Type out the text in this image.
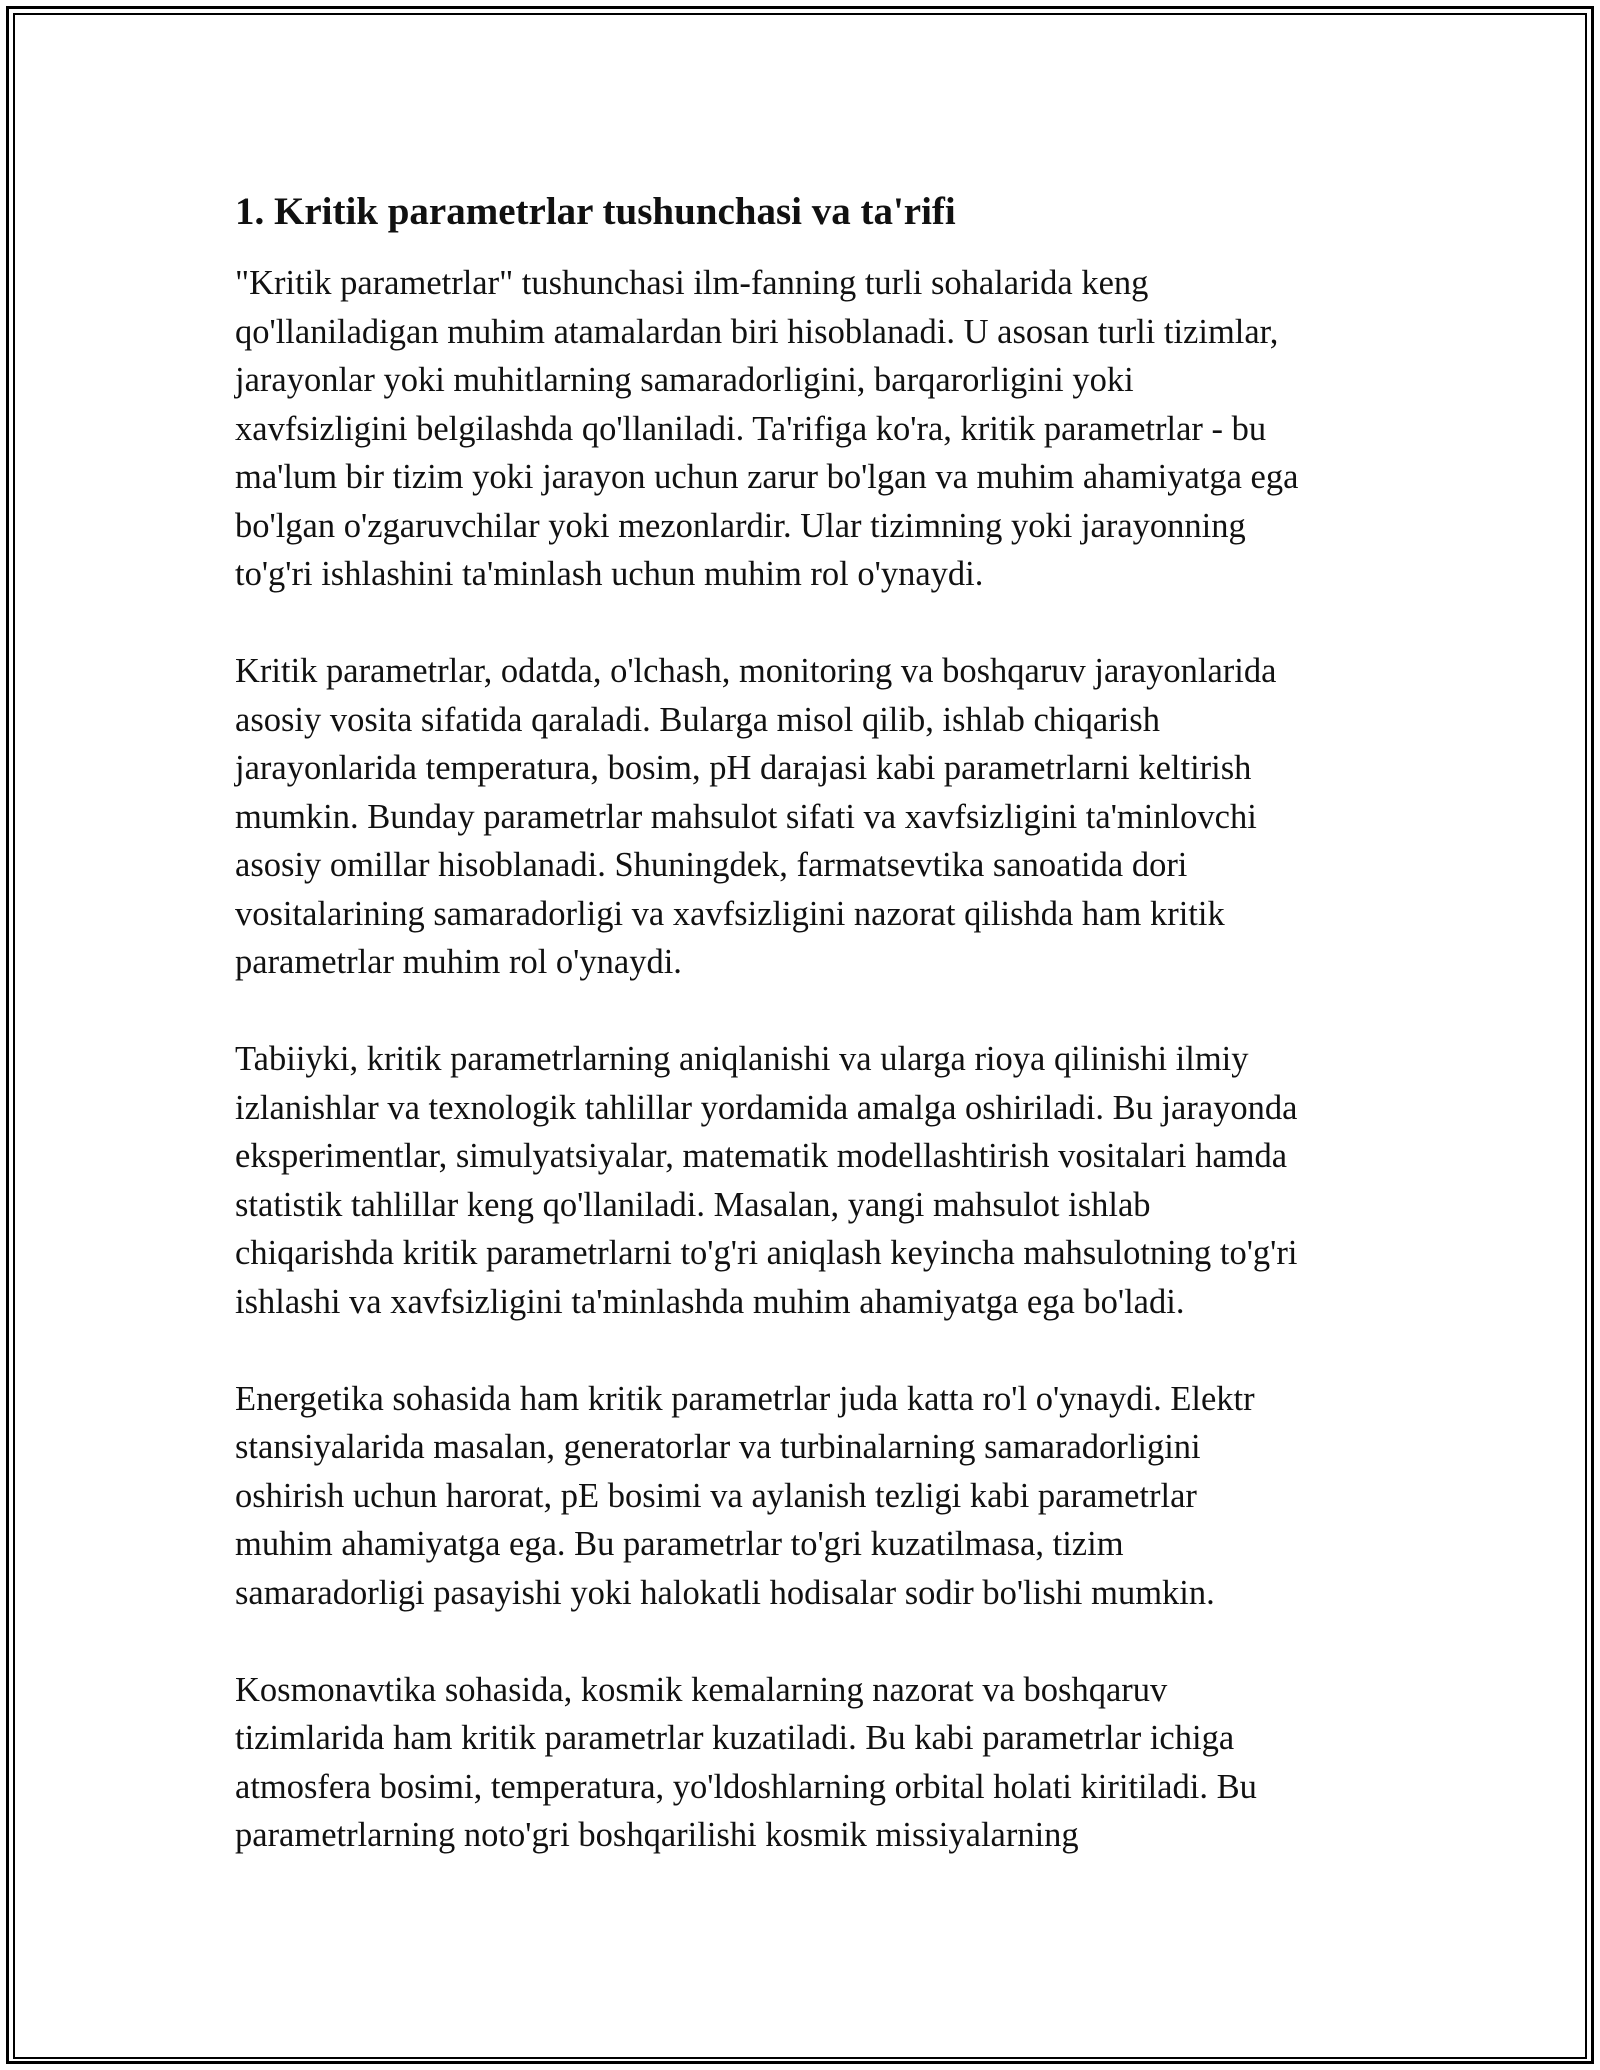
1. Kritik parametrlar tushunchasi va ta'rifi

"Kritik parametrlar" tushunchasi ilm-fanning turli sohalarida keng
qo'llaniladigan muhim atamalardan biri hisoblanadi. U asosan turli tizimlar,
jarayonlar yoki muhitlarning samaradorligini, barqarorligini yoki
xavfsizligini belgilashda qo'llaniladi. Ta'rifiga ko'ra, kritik parametrlar - bu
ma'lum bir tizim yoki jarayon uchun zarur bo'lgan va muhim ahamiyatga ega
bo'lgan o'zgaruvchilar yoki mezonlardir. Ular tizimning yoki jarayonning
to'g'ri ishlashini ta'minlash uchun muhim rol o'ynaydi.

Kritik parametrlar, odatda, o'lchash, monitoring va boshqaruv jarayonlarida
asosiy vosita sifatida qaraladi. Bularga misol qilib, ishlab chiqarish
jarayonlarida temperatura, bosim, pH darajasi kabi parametrlarni keltirish
mumkin. Bunday parametrlar mahsulot sifati va xavfsizligini ta'minlovchi
asosiy omillar hisoblanadi. Shuningdek, farmatsevtika sanoatida dori
vositalarining samaradorligi va xavfsizligini nazorat qilishda ham kritik
parametrlar muhim rol o'ynaydi.

Tabiiyki, kritik parametrlarning aniqlanishi va ularga rioya qilinishi ilmiy
izlanishlar va texnologik tahlillar yordamida amalga oshiriladi. Bu jarayonda
eksperimentlar, simulyatsiyalar, matematik modellashtirish vositalari hamda
statistik tahlillar keng qo'llaniladi. Masalan, yangi mahsulot ishlab
chiqarishda kritik parametrlarni to'g'ri aniqlash keyincha mahsulotning to'g'ri
ishlashi va xavfsizligini ta'minlashda muhim ahamiyatga ega bo'ladi.

Energetika sohasida ham kritik parametrlar juda katta ro'l o'ynaydi. Elektr
stansiyalarida masalan, generatorlar va turbinalarning samaradorligini
oshirish uchun harorat, pE bosimi va aylanish tezligi kabi parametrlar
muhim ahamiyatga ega. Bu parametrlar to'gri kuzatilmasa, tizim
samaradorligi pasayishi yoki halokatli hodisalar sodir bo'lishi mumkin.

Kosmonavtika sohasida, kosmik kemalarning nazorat va boshqaruv
tizimlarida ham kritik parametrlar kuzatiladi. Bu kabi parametrlar ichiga
atmosfera bosimi, temperatura, yo'ldoshlarning orbital holati kiritiladi. Bu
parametrlarning noto'gri boshqarilishi kosmik missiyalarning
